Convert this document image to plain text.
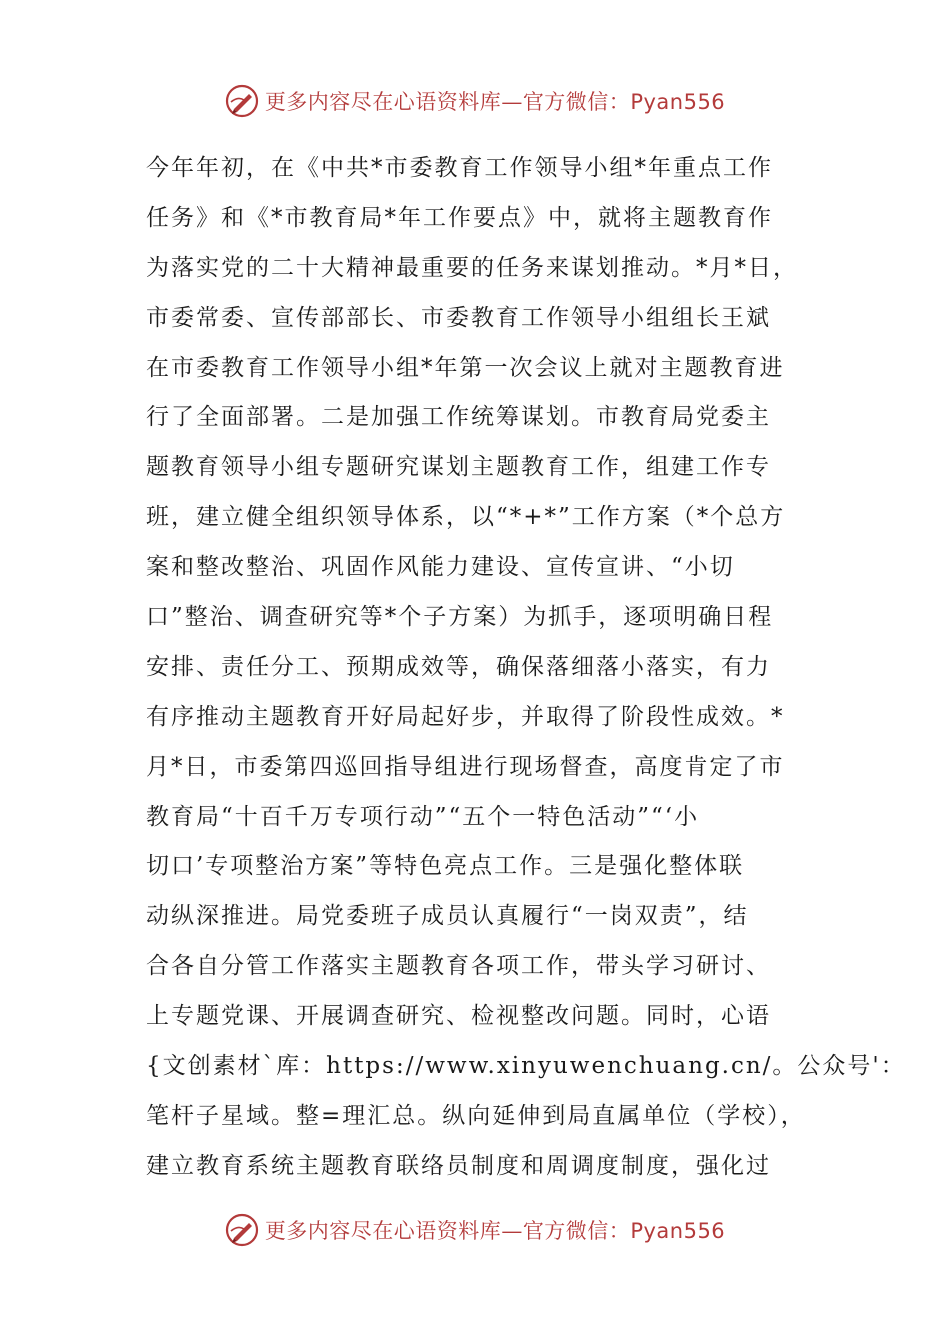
更多内容尽在心语资料库—官方微信：Pyan556
今年年初，在《中共*市委教育工作领导小组*年重点工作
任务》和《*市教育局*年工作要点》中，就将主题教育作
为落实党的二十大精神最重要的任务来谋划推动。*月*日，
市委常委、宣传部部长、市委教育工作领导小组组长王斌
在市委教育工作领导小组*年第一次会议上就对主题教育进
行了全面部署。二是加强工作统筹谋划。市教育局党委主
题教育领导小组专题研究谋划主题教育工作，组建工作专
班，建立健全组织领导体系，以“*+*”工作方案（*个总方
案和整改整治、巩固作风能力建设、宣传宣讲、“小切
口”整治、调查研究等*个子方案）为抓手，逐项明确日程
安排、责任分工、预期成效等，确保落细落小落实，有力
有序推动主题教育开好局起好步，并取得了阶段性成效。*
月*日，市委第四巡回指导组进行现场督查，高度肯定了市
教育局“十百千万专项行动”“五个一特色活动”“‘小
切口’专项整治方案”等特色亮点工作。三是强化整体联
动纵深推进。局党委班子成员认真履行“一岗双责”，结
合各自分管工作落实主题教育各项工作，带头学习研讨、
上专题党课、开展调查研究、检视整改问题。同时，心语
{文创素材`库：https://www.xinyuwenchuang.cn/。公众号'：
笔杆子星域。整=理汇总。纵向延伸到局直属单位（学校），
建立教育系统主题教育联络员制度和周调度制度，强化过
更多内容尽在心语资料库—官方微信：Pyan556
